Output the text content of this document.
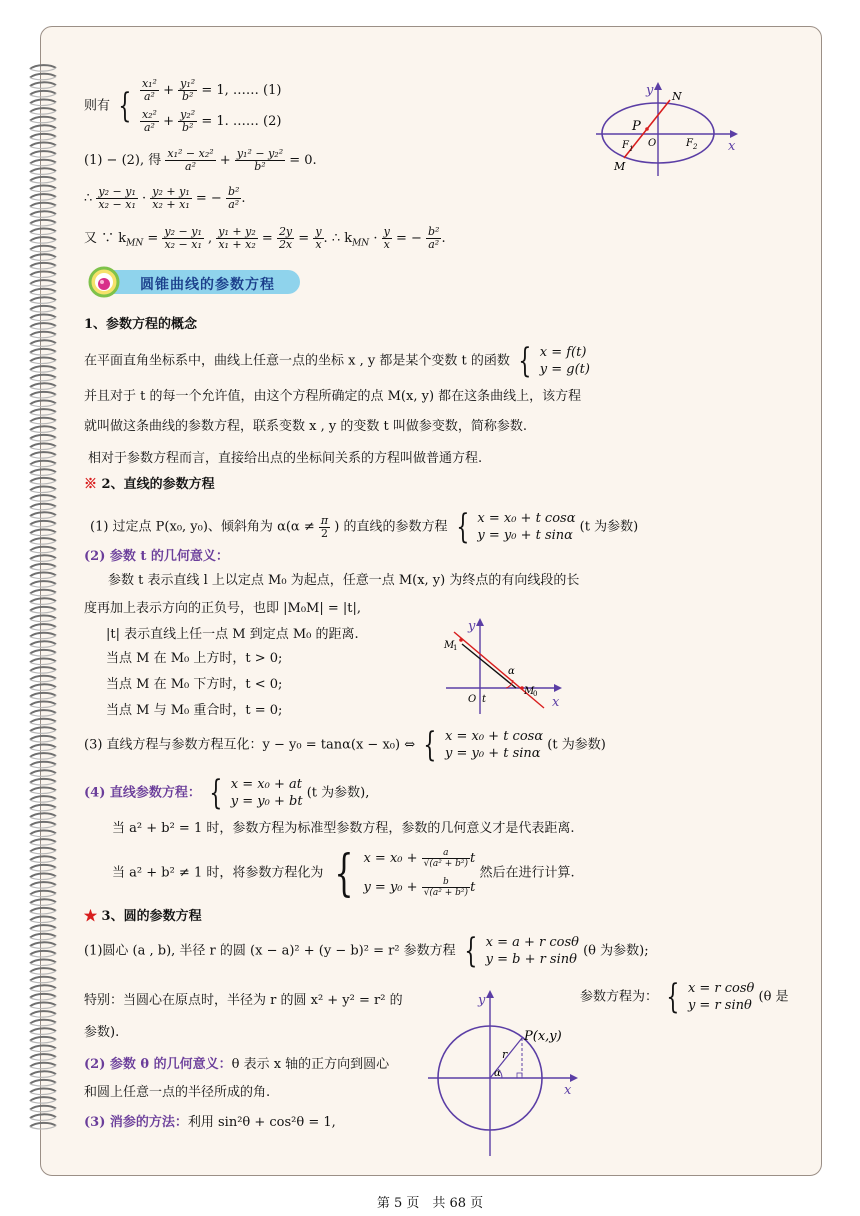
则有 { $\frac{\text{x₁²}}{\text{a²}} + \frac{\text{y₁²}}{\text{b²}} = 1$, …… (1)
$\frac{\text{x₂²}}{\text{a²}} + \frac{\text{y₂²}}{\text{b²}} = 1$. …… (2)
(1) − (2), 得 $\frac{\text{x₁² − x₂²}}{\text{a²}} + \frac{\text{y₁² − y₂²}}{\text{b²}} = 0$.
∴ $\frac{\text{y₂ − y₁}}{\text{x₂ − x₁}} \cdot \frac{\text{y₂ + y₁}}{\text{x₂ + x₁}}$ = − $\frac{\text{b²}}{\text{a²}}$ .
又 ∵ $k_{MN} = \frac{\text{y₂ − y₁}}{\text{x₂ − x₁}}$ , $\frac{\text{y₁ + y₂}}{\text{x₁ + x₂}} = \frac{2y}{2x} = \frac{y}{x}$ . ∴ $k_{MN} \cdot \frac{y}{x}$ = − $\frac{\text{b²}}{\text{a²}}$ .
y
x
N
M
P
O
F 1	F 2
圆锥曲线的参数方程
1、参数方程的概念
在平面直角坐标系中，曲线上任意一点的坐标 x , y 都是某个变数 t 的函数 { x = f(t)
y = g(t)
并且对于 t 的每一个允许值，由这个方程所确定的点 M(x, y) 都在这条曲线上，该方程
就叫做这条曲线的参数方程，联系变数 x , y 的变数 t 叫做参变数，简称参数.
相对于参数方程而言，直接给出点的坐标间关系的方程叫做普通方程.
※ 2、直线的参数方程
(1) 过定点 P(x₀, y₀)、倾斜角为 $\alpha(\alpha \ne \frac{\pi}{2}$ ) 的直线的参数方程 { x = x₀ + t cosα
y = y₀ + t sinα
(t 为参数)
(2) 参数 t 的几何意义：
参数 t 表示直线 l 上以定点 M₀ 为起点，任意一点 M(x, y) 为终点的有向线段的长
度再加上表示方向的正负号，也即 |M₀M| = |t|,
|t| 表示直线上任一点 M 到定点 M₀ 的距离.
当点 M 在 M₀ 上方时，t > 0;
当点 M 在 M₀ 下方时，t < 0;
当点 M 与 M₀ 重合时，t = 0;
y
x
M
1
M
0
O t
α
(3) 直线方程与参数方程互化：y − y₀ = tanα(x − x₀) ⇔ { x = x₀ + t cosα
y = y₀ + t sinα
(t 为参数)
(4) 直线参数方程： { x = x₀ + at
y = y₀ + bt
(t 为参数),
当 a² + b² = 1 时，参数方程为标准型参数方程，参数的几何意义才是代表距离.
当 a² + b² ≠ 1 时，将参数方程化为 { $x = x_0 + \frac{a}{\text{√(a² + b²)}}$ t
$y = y_0 + \frac{b}{\text{√(a² + b²)}}$ t
然后在进行计算.
★ 3、圆的参数方程
(1)圆心 (a , b), 半径 r 的圆 (x − a)² + (y − b)² = r² 参数方程 { x = a + r cosθ
y = b + r sinθ
(θ 为参数);
特别：当圆心在原点时，半径为 r 的圆 x² + y² = r² 的	参数方程为： { x = r cosθ
y = r sinθ
(θ 是
参数).
(2) 参数 θ 的几何意义：θ 表示 x 轴的正方向到圆心
和圆上任意一点的半径所成的角.
(3) 消参的方法：利用 sin²θ + cos²θ = 1,
y
x
P(x,y)
r
α
第 5 页　共 68 页
